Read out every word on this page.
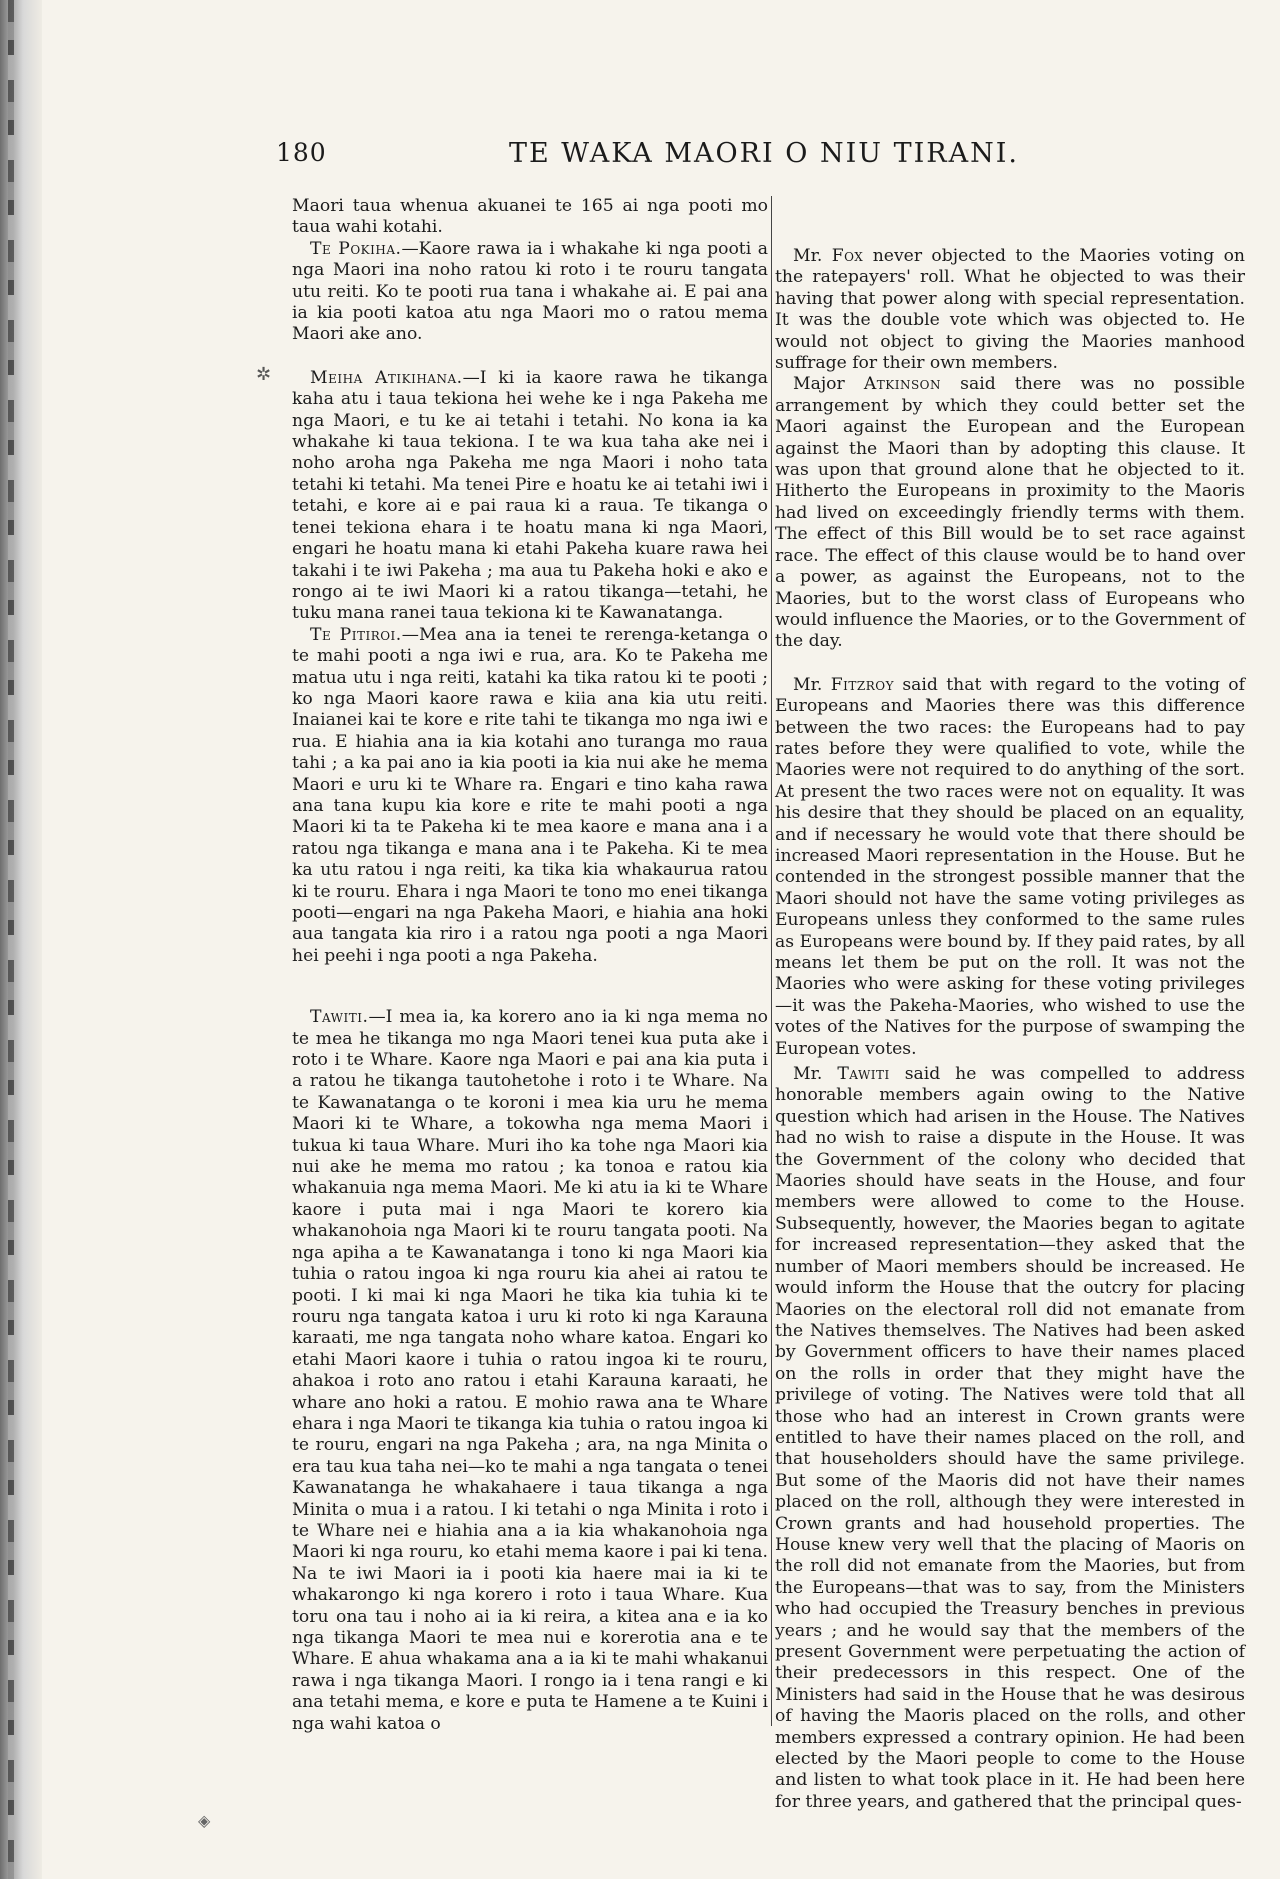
180	TE WAKA MAORI O NIU TIRANI.
✲

Maori taua whenua akuanei te 165 ai nga pooti mo taua wahi kotahi.

Te Pokiha.—Kaore rawa ia i whakahe ki nga pooti a nga Maori ina noho ratou ki roto i te rouru tangata utu reiti. Ko te pooti rua tana i whakahe ai. E pai ana ia kia pooti katoa atu nga Maori mo o ratou mema Maori ake ano.

Meiha Atikihana.—I ki ia kaore rawa he tikanga kaha atu i taua tekiona hei wehe ke i nga Pakeha me nga Maori, e tu ke ai tetahi i tetahi. No kona ia ka whakahe ki taua tekiona. I te wa kua taha ake nei i noho aroha nga Pakeha me nga Maori i noho tata tetahi ki tetahi. Ma tenei Pire e hoatu ke ai tetahi iwi i tetahi, e kore ai e pai raua ki a raua. Te tikanga o tenei tekiona ehara i te hoatu mana ki nga Maori, engari he hoatu mana ki etahi Pakeha kuare rawa hei takahi i te iwi Pakeha ; ma aua tu Pakeha hoki e ako e rongo ai te iwi Maori ki a ratou tikanga—tetahi, he tuku mana ranei taua tekiona ki te Kawanatanga.

Te Pitiroi.—Mea ana ia tenei te rerenga-ketanga o te mahi pooti a nga iwi e rua, ara. Ko te Pakeha me matua utu i nga reiti, katahi ka tika ratou ki te pooti ; ko nga Maori kaore rawa e kiia ana kia utu reiti. Inaianei kai te kore e rite tahi te tikanga mo nga iwi e rua. E hiahia ana ia kia kotahi ano turanga mo raua tahi ; a ka pai ano ia kia pooti ia kia nui ake he mema Maori e uru ki te Whare ra. Engari e tino kaha rawa ana tana kupu kia kore e rite te mahi pooti a nga Maori ki ta te Pakeha ki te mea kaore e mana ana i a ratou nga tikanga e mana ana i te Pakeha. Ki te mea ka utu ratou i nga reiti, ka tika kia whakaurua ratou ki te rouru. Ehara i nga Maori te tono mo enei tikanga pooti—engari na nga Pakeha Maori, e hiahia ana hoki aua tangata kia riro i a ratou nga pooti a nga Maori hei peehi i nga pooti a nga Pakeha.

Tawiti.—I mea ia, ka korero ano ia ki nga mema no te mea he tikanga mo nga Maori tenei kua puta ake i roto i te Whare. Kaore nga Maori e pai ana kia puta i a ratou he tikanga tautohetohe i roto i te Whare. Na te Kawanatanga o te koroni i mea kia uru he mema Maori ki te Whare, a tokowha nga mema Maori i tukua ki taua Whare. Muri iho ka tohe nga Maori kia nui ake he mema mo ratou ; ka tonoa e ratou kia whakanuia nga mema Maori. Me ki atu ia ki te Whare kaore i puta mai i nga Maori te korero kia whakanohoia nga Maori ki te rouru tangata pooti. Na nga apiha a te Kawanatanga i tono ki nga Maori kia tuhia o ratou ingoa ki nga rouru kia ahei ai ratou te pooti. I ki mai ki nga Maori he tika kia tuhia ki te rouru nga tangata katoa i uru ki roto ki nga Karauna karaati, me nga tangata noho whare katoa. Engari ko etahi Maori kaore i tuhia o ratou ingoa ki te rouru, ahakoa i roto ano ratou i etahi Karauna karaati, he whare ano hoki a ratou. E mohio rawa ana te Whare ehara i nga Maori te tikanga kia tuhia o ratou ingoa ki te rouru, engari na nga Pakeha ; ara, na nga Minita o era tau kua taha nei—ko te mahi a nga tangata o tenei Kawanatanga he whakahaere i taua tikanga a nga Minita o mua i a ratou. I ki tetahi o nga Minita i roto i te Whare nei e hiahia ana a ia kia whakanohoia nga Maori ki nga rouru, ko etahi mema kaore i pai ki tena. Na te iwi Maori ia i pooti kia haere mai ia ki te whakarongo ki nga korero i roto i taua Whare. Kua toru ona tau i noho ai ia ki reira, a kitea ana e ia ko nga tikanga Maori te mea nui e korerotia ana e te Whare. E ahua whakama ana a ia ki te mahi whakanui rawa i nga tikanga Maori. I rongo ia i tena rangi e ki ana tetahi mema, e kore e puta te Hamene a te Kuini i nga wahi katoa o

Mr. Fox never objected to the Maories voting on the ratepayers' roll. What he objected to was their having that power along with special representation. It was the double vote which was objected to. He would not object to giving the Maories manhood suffrage for their own members.

Major Atkinson said there was no possible arrangement by which they could better set the Maori against the European and the European against the Maori than by adopting this clause. It was upon that ground alone that he objected to it. Hitherto the Europeans in proximity to the Maoris had lived on exceedingly friendly terms with them. The effect of this Bill would be to set race against race. The effect of this clause would be to hand over a power, as against the Europeans, not to the Maories, but to the worst class of Europeans who would influence the Maories, or to the Government of the day.

Mr. Fitzroy said that with regard to the voting of Europeans and Maories there was this difference between the two races: the Europeans had to pay rates before they were qualified to vote, while the Maories were not required to do anything of the sort. At present the two races were not on equality. It was his desire that they should be placed on an equality, and if necessary he would vote that there should be increased Maori representation in the House. But he contended in the strongest possible manner that the Maori should not have the same voting privileges as Europeans unless they conformed to the same rules as Europeans were bound by. If they paid rates, by all means let them be put on the roll. It was not the Maories who were asking for these voting privileges—it was the Pakeha-Maories, who wished to use the votes of the Natives for the purpose of swamping the European votes.

Mr. Tawiti said he was compelled to address honorable members again owing to the Native question which had arisen in the House. The Natives had no wish to raise a dispute in the House. It was the Government of the colony who decided that Maories should have seats in the House, and four members were allowed to come to the House. Subsequently, however, the Maories began to agitate for increased representation—they asked that the number of Maori members should be increased. He would inform the House that the outcry for placing Maories on the electoral roll did not emanate from the Natives themselves. The Natives had been asked by Government officers to have their names placed on the rolls in order that they might have the privilege of voting. The Natives were told that all those who had an interest in Crown grants were entitled to have their names placed on the roll, and that householders should have the same privilege. But some of the Maoris did not have their names placed on the roll, although they were interested in Crown grants and had household properties. The House knew very well that the placing of Maoris on the roll did not emanate from the Maories, but from the Europeans—that was to say, from the Ministers who had occupied the Treasury benches in previous years ; and he would say that the members of the present Government were perpetuating the action of their predecessors in this respect. One of the Ministers had said in the House that he was desirous of having the Maoris placed on the rolls, and other members expressed a contrary opinion. He had been elected by the Maori people to come to the House and listen to what took place in it. He had been here for three years, and gathered that the principal ques-

◈
